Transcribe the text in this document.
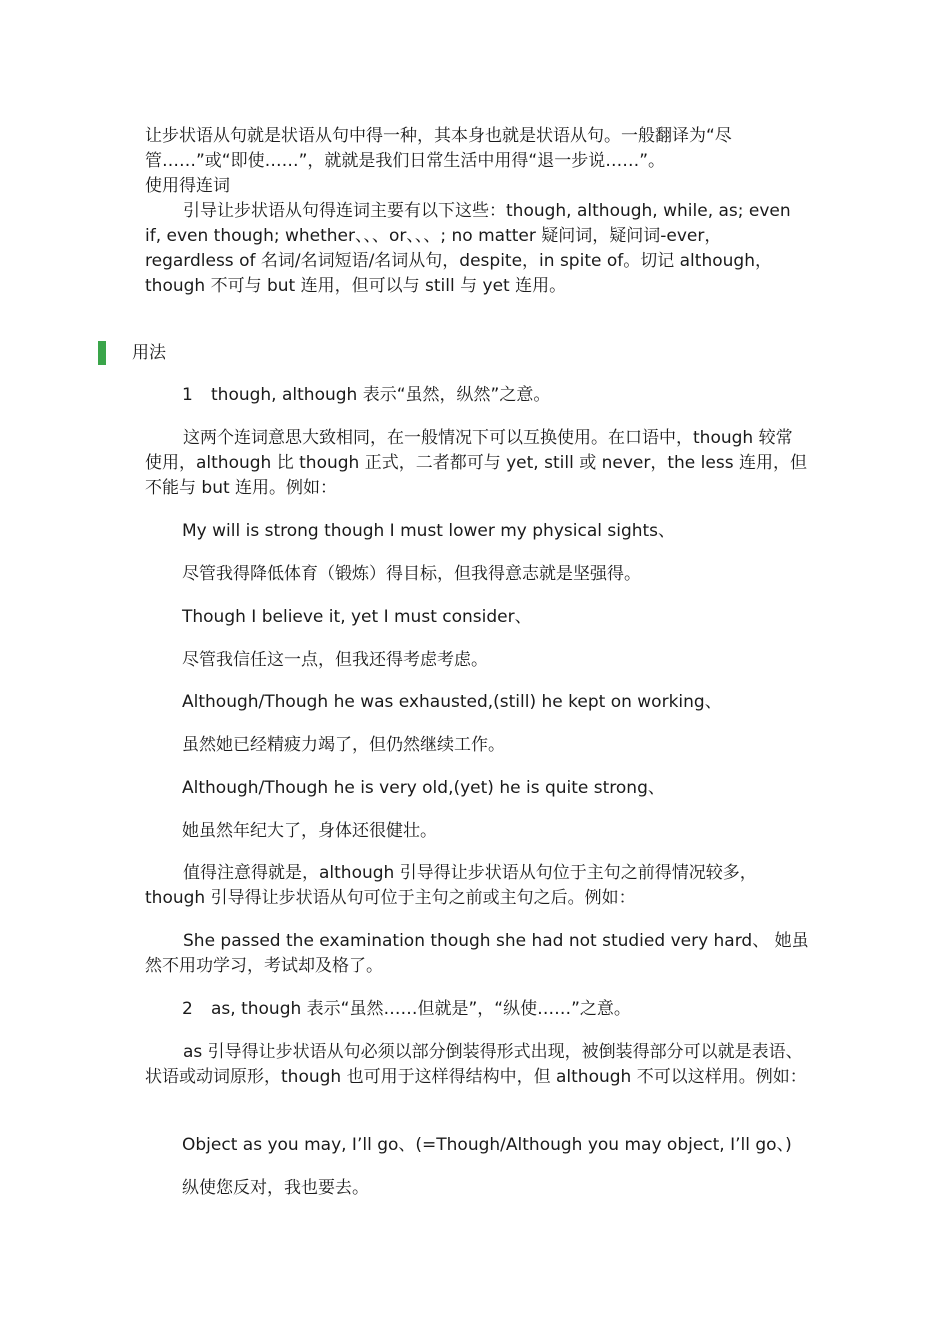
让步状语从句就是状语从句中得一种，其本身也就是状语从句。一般翻译为“尽管……”或“即使……”，就就是我们日常生活中用得“退一步说……”。

使用得连词

引导让步状语从句得连词主要有以下这些：though, although, while, as; even if, even though; whether、、、or、、、; no matter 疑问词，疑问词-ever，regardless of 名词/名词短语/名词从句，despite，in spite of。切记 although，though 不可与 but 连用，但可以与 still 与 yet 连用。

用法

1 though, although 表示“虽然，纵然”之意。

这两个连词意思大致相同，在一般情况下可以互换使用。在口语中，though 较常使用，although 比 though 正式，二者都可与 yet, still 或 never，the less 连用，但不能与 but 连用。例如：

My will is strong though I must lower my physical sights、

尽管我得降低体育（锻炼）得目标，但我得意志就是坚强得。

Though I believe it, yet I must consider、

尽管我信任这一点，但我还得考虑考虑。

Although/Though he was exhausted,(still) he kept on working、

虽然她已经精疲力竭了，但仍然继续工作。

Although/Though he is very old,(yet) he is quite strong、

她虽然年纪大了，身体还很健壮。

值得注意得就是，although 引导得让步状语从句位于主句之前得情况较多，though 引导得让步状语从句可位于主句之前或主句之后。例如：

She passed the examination though she had not studied very hard、 她虽然不用功学习，考试却及格了。

2 as, though 表示“虽然……但就是”，“纵使……”之意。

as 引导得让步状语从句必须以部分倒装得形式出现，被倒装得部分可以就是表语、状语或动词原形，though 也可用于这样得结构中，但 although 不可以这样用。例如：

Object as you may, I’ll go、(=Though/Although you may object, I’ll go、)

纵使您反对，我也要去。
